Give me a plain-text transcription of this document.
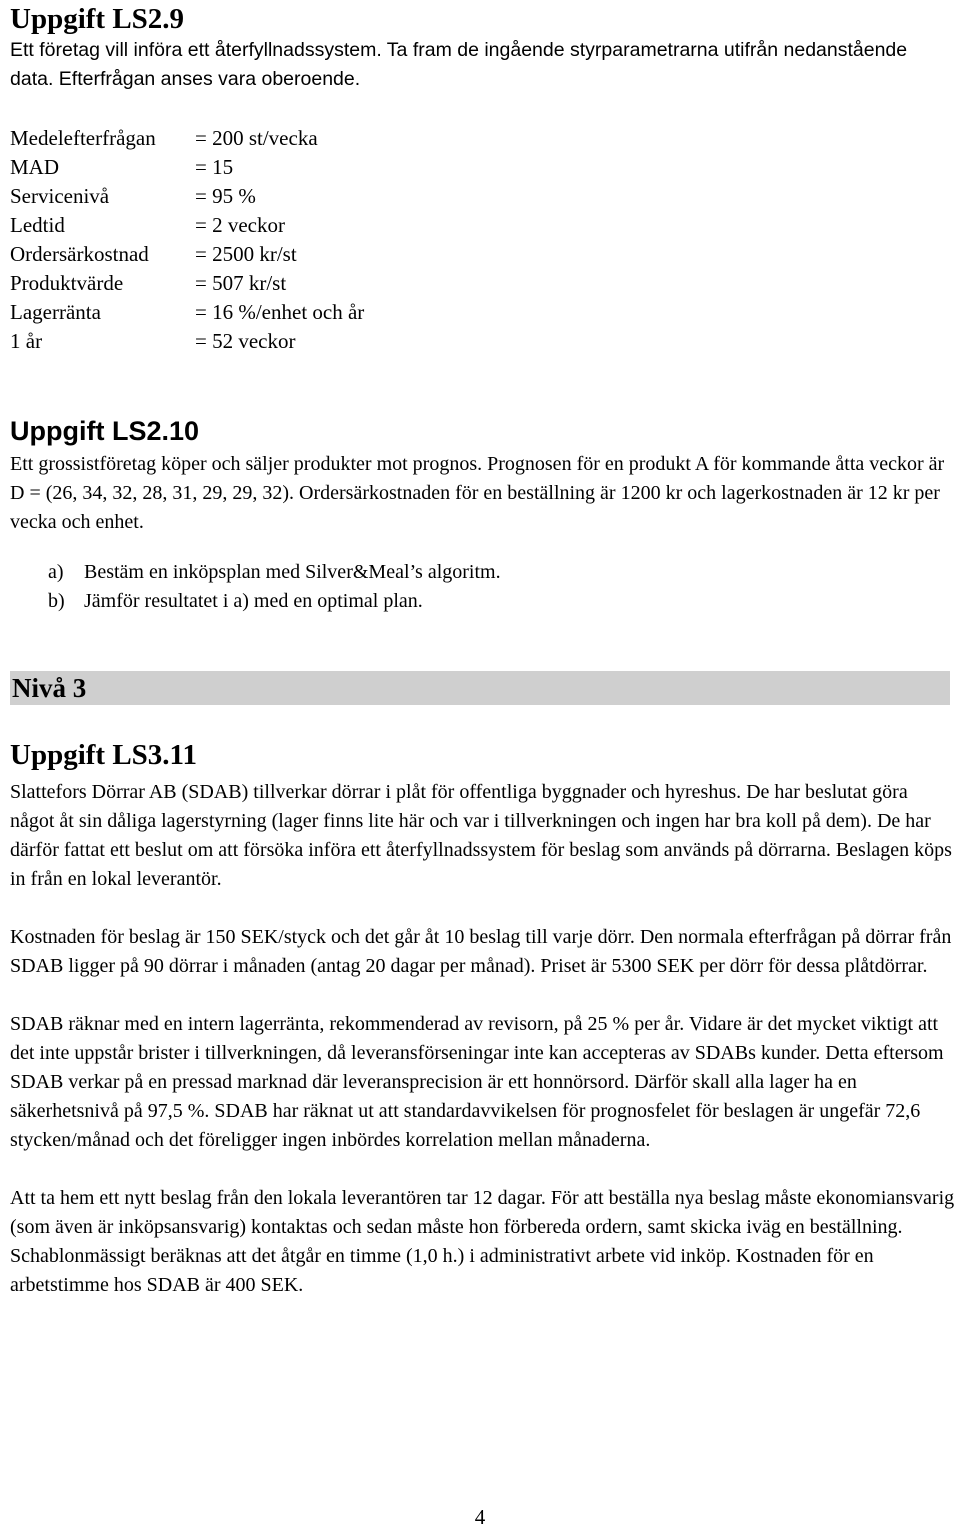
Uppgift LS2.9

Ett företag vill införa ett återfyllnadssystem. Ta fram de ingående styrparametrarna utifrån nedanstående data. Efterfrågan anses vara oberoende.

Medelefterfrågan	= 200 st/vecka
MAD	= 15
Servicenivå	= 95 %
Ledtid	= 2 veckor
Ordersärkostnad	= 2500 kr/st
Produktvärde	= 507 kr/st
Lagerränta	= 16 %/enhet och år
1 år	= 52 veckor
Uppgift LS2.10

Ett grossistföretag köper och säljer produkter mot prognos. Prognosen för en produkt A för kommande åtta veckor är D = (26, 34, 32, 28, 31, 29, 29, 32). Ordersärkostnaden för en beställning är 1200 kr och lagerkostnaden är 12 kr per vecka och enhet.

a)	Bestäm en inköpsplan med Silver&Meal’s algoritm.
b) Jämför resultatet i a) med en optimal plan.
Nivå 3
Uppgift LS3.11

Slattefors Dörrar AB (SDAB) tillverkar dörrar i plåt för offentliga byggnader och hyreshus. De har beslutat göra något åt sin dåliga lagerstyrning (lager finns lite här och var i tillverkningen och ingen har bra koll på dem). De har därför fattat ett beslut om att försöka införa ett återfyllnadssystem för beslag som används på dörrarna. Beslagen köps in från en lokal leverantör.

Kostnaden för beslag är 150 SEK/styck och det går åt 10 beslag till varje dörr. Den normala efterfrågan på dörrar från SDAB ligger på 90 dörrar i månaden (antag 20 dagar per månad). Priset är 5300 SEK per dörr för dessa plåtdörrar.

SDAB räknar med en intern lagerränta, rekommenderad av revisorn, på 25 % per år. Vidare är det mycket viktigt att det inte uppstår brister i tillverkningen, då leveransförseningar inte kan accepteras av SDABs kunder. Detta eftersom SDAB verkar på en pressad marknad där leveransprecision är ett honnörsord. Därför skall alla lager ha en säkerhetsnivå på 97,5 %. SDAB har räknat ut att standardavvikelsen för prognosfelet för beslagen är ungefär 72,6 stycken/månad och det föreligger ingen inbördes korrelation mellan månaderna.

Att ta hem ett nytt beslag från den lokala leverantören tar 12 dagar. För att beställa nya beslag måste ekonomiansvarig (som även är inköpsansvarig) kontaktas och sedan måste hon förbereda ordern, samt skicka iväg en beställning. Schablonmässigt beräknas att det åtgår en timme (1,0 h.) i administrativt arbete vid inköp. Kostnaden för en arbetstimme hos SDAB är 400 SEK.

4
